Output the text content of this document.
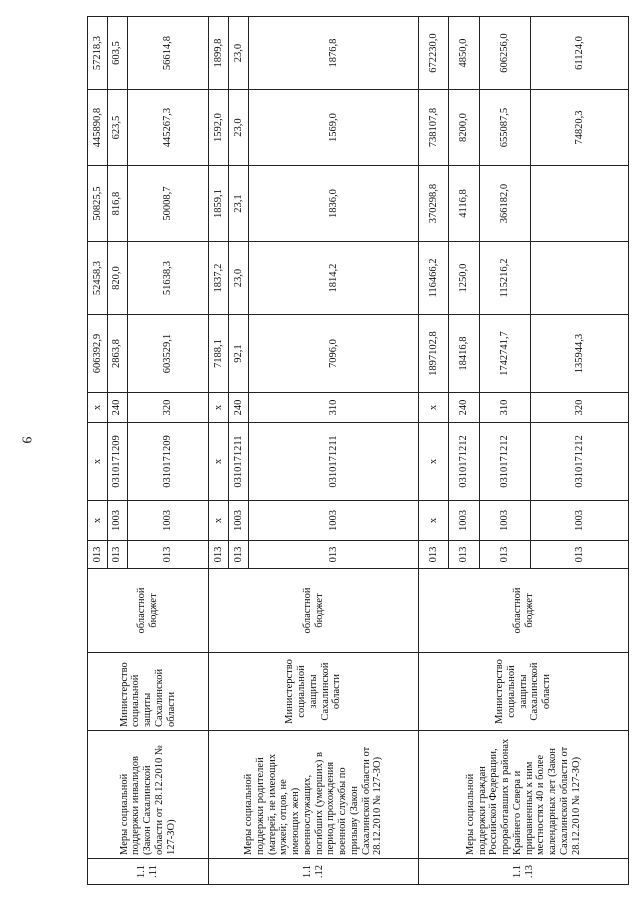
9
1.1
.11	Меры социальной поддержки инвалидов (Закон Сахалинской области от 28.12.2010 № 127-ЗО)	Министерство социальной защиты Сахалинской области	областной бюджет	013	х	х	х	606392,9	52458,3	50825,5	445890,8	57218,3
				013	1003	0310171209	240	2863,8	820,0	816,8	623,5	603,5
				013	1003	0310171209	320	603529,1	51638,3	50008,7	445267,3	56614,8
1.1
.12	Меры социальной поддержки родителей (матерей, не имеющих мужей; отцов, не имеющих жен) военнослужащих, погибших (умерших) в период прохождения военной службы по призыву (Закон Сахалинской области от 28.12.2010 № 127-ЗО)	Министерство социальной защиты Сахалинской области	областной бюджет	013	х	х	х	7188,1	1837,2	1859,1	1592,0	1899,8
				013	1003	0310171211	240	92,1	23,0	23,1	23,0	23,0
				013	1003	0310171211	310	7096,0	1814,2	1836,0	1569,0	1876,8
1.1
.13	Меры социальной поддержки граждан Российской Федерации, проработавших в районах Крайнего Севера и приравненных к ним местностях 40 и более календарных лет (Закон Сахалинской области от 28.12.2010 № 127-ЗО)	Министерство социальной защиты Сахалинской области	областной бюджет	013	х	х	х	1897102,8	116466,2	370298,8	738107,8	672230,0
				013	1003	0310171212	240	18416,8	1250,0	4116,8	8200,0	4850,0
				013	1003	0310171212	310	1742741,7	115216,2	366182,0	655087,5	606256,0
				013	1003	0310171212	320	135944,3			74820,3	61124,0
